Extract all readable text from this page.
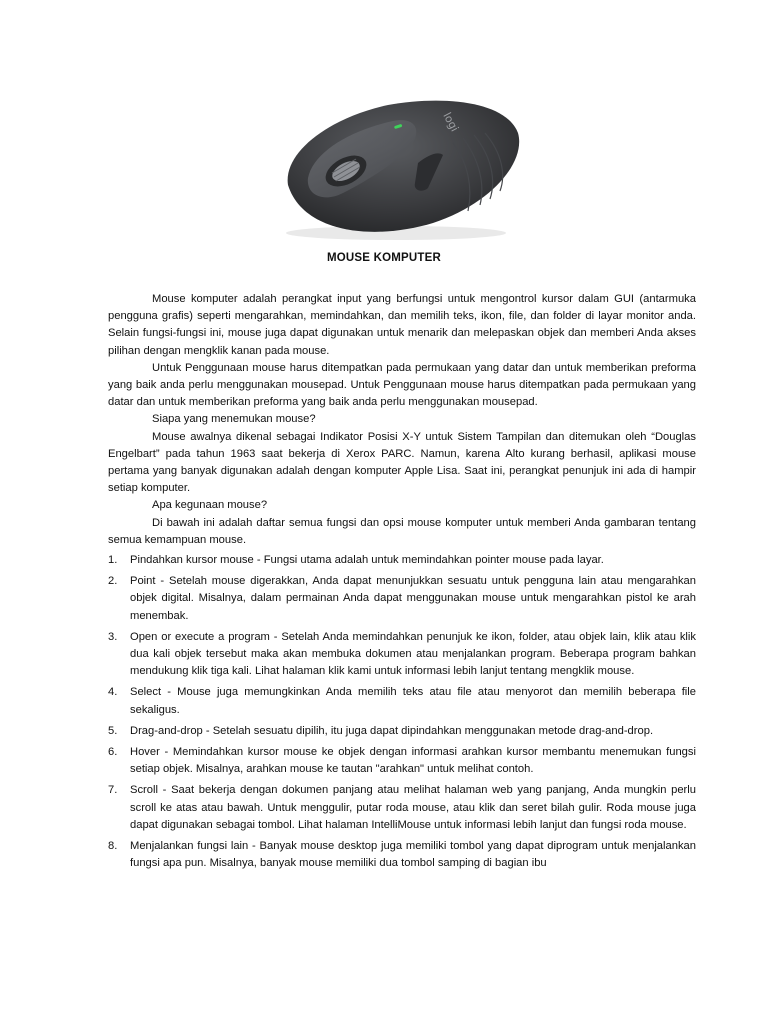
logi
MOUSE KOMPUTER

Mouse komputer adalah perangkat input yang berfungsi untuk mengontrol kursor dalam GUI (antarmuka pengguna grafis) seperti mengarahkan, memindahkan, dan memilih teks, ikon, file, dan folder di layar monitor anda. Selain fungsi-fungsi ini, mouse juga dapat digunakan untuk menarik dan melepaskan objek dan memberi Anda akses pilihan dengan mengklik kanan pada mouse.

Untuk Penggunaan mouse harus ditempatkan pada permukaan yang datar dan untuk memberikan preforma yang baik anda perlu menggunakan mousepad. Untuk Penggunaan mouse harus ditempatkan pada permukaan yang datar dan untuk memberikan preforma yang baik anda perlu menggunakan mousepad.

Siapa yang menemukan mouse?

Mouse awalnya dikenal sebagai Indikator Posisi X-Y untuk Sistem Tampilan dan ditemukan oleh “Douglas Engelbart” pada tahun 1963 saat bekerja di Xerox PARC. Namun, karena Alto kurang berhasil, aplikasi mouse pertama yang banyak digunakan adalah dengan komputer Apple Lisa. Saat ini, perangkat penunjuk ini ada di hampir setiap komputer.

Apa kegunaan mouse?

Di bawah ini adalah daftar semua fungsi dan opsi mouse komputer untuk memberi Anda gambaran tentang semua kemampuan mouse.

1. Pindahkan kursor mouse - Fungsi utama adalah untuk memindahkan pointer mouse pada layar.
2. Point - Setelah mouse digerakkan, Anda dapat menunjukkan sesuatu untuk pengguna lain atau mengarahkan objek digital. Misalnya, dalam permainan Anda dapat menggunakan mouse untuk mengarahkan pistol ke arah menembak.
3. Open or execute a program - Setelah Anda memindahkan penunjuk ke ikon, folder, atau objek lain, klik atau klik dua kali objek tersebut maka akan membuka dokumen atau menjalankan program. Beberapa program bahkan mendukung klik tiga kali. Lihat halaman klik kami untuk informasi lebih lanjut tentang mengklik mouse.
4. Select - Mouse juga memungkinkan Anda memilih teks atau file atau menyorot dan memilih beberapa file sekaligus.
5. Drag-and-drop - Setelah sesuatu dipilih, itu juga dapat dipindahkan menggunakan metode drag-and-drop.
6. Hover - Memindahkan kursor mouse ke objek dengan informasi arahkan kursor membantu menemukan fungsi setiap objek. Misalnya, arahkan mouse ke tautan "arahkan" untuk melihat contoh.
7. Scroll - Saat bekerja dengan dokumen panjang atau melihat halaman web yang panjang, Anda mungkin perlu scroll ke atas atau bawah. Untuk menggulir, putar roda mouse, atau klik dan seret bilah gulir. Roda mouse juga dapat digunakan sebagai tombol. Lihat halaman IntelliMouse untuk informasi lebih lanjut dan fungsi roda mouse.
8. Menjalankan fungsi lain - Banyak mouse desktop juga memiliki tombol yang dapat diprogram untuk menjalankan fungsi apa pun. Misalnya, banyak mouse memiliki dua tombol samping di bagian ibu
